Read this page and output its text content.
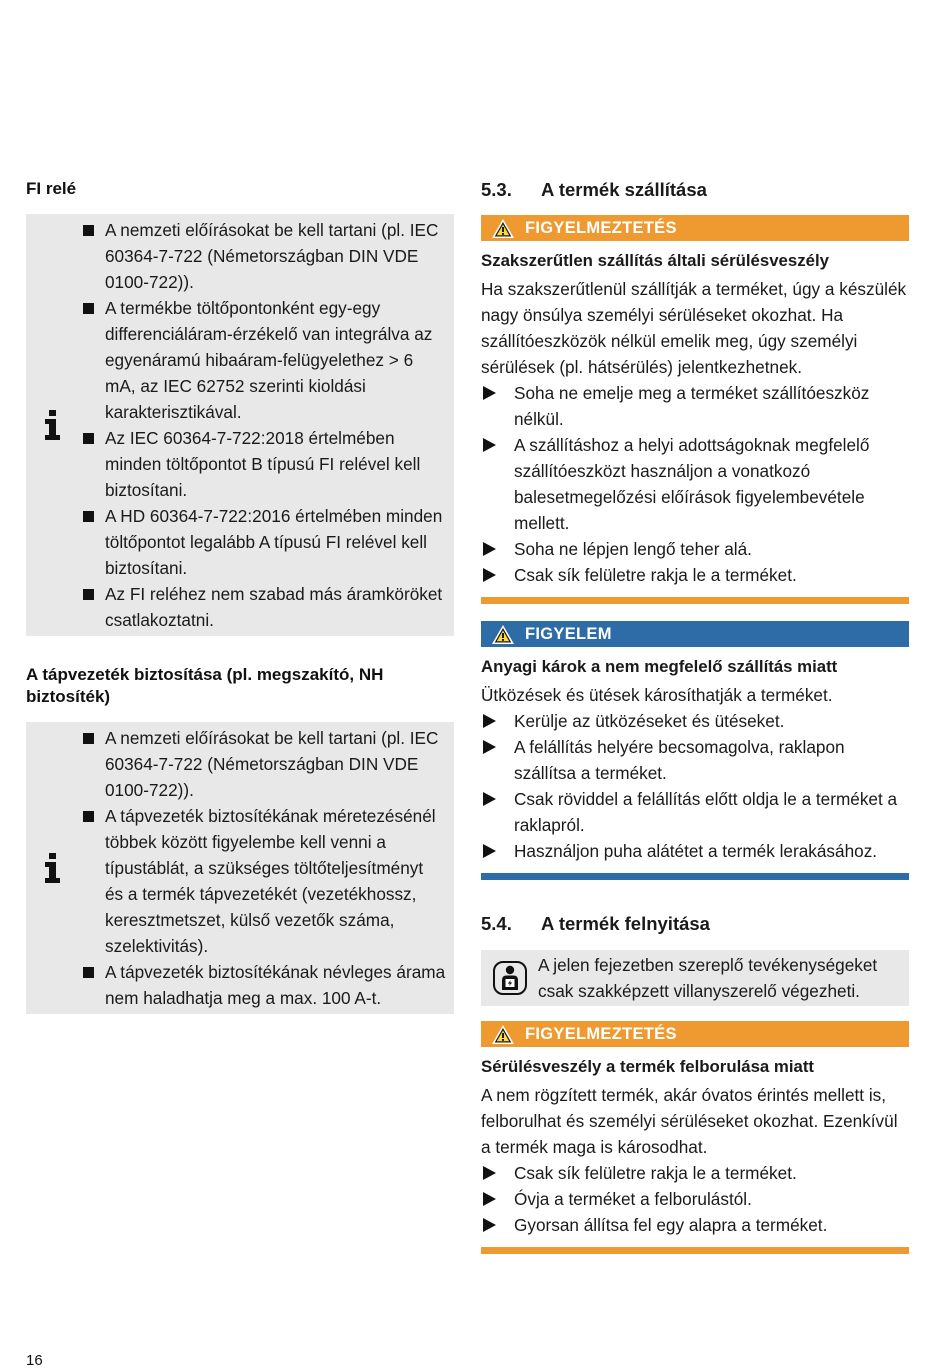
FI relé
A nemzeti előírásokat be kell tartani (pl. IEC 60364-7-722 (Németországban DIN VDE 0100-722)).
A termékbe töltőpontonként egy-egy differenciáláram-érzékelő van integrálva az egyenáramú hibaáram-felügyelethez > 6 mA, az IEC 62752 szerinti kioldási karakterisztikával.
Az IEC 60364-7-722:2018 értelmében minden töltőpontot B típusú FI relével kell biztosítani.
A HD 60364-7-722:2016 értelmében minden töltőpontot legalább A típusú FI relével kell biztosítani.
Az FI reléhez nem szabad más áramköröket csatlakoztatni.
A tápvezeték biztosítása (pl. megszakító, NH biztosíték)
A nemzeti előírásokat be kell tartani (pl. IEC 60364-7-722 (Németországban DIN VDE 0100-722)).
A tápvezeték biztosítékának méretezésénél többek között figyelembe kell venni a típustáblát, a szükséges töltőteljesítményt és a termék tápvezetékét (vezetékhossz, keresztmetszet, külső vezetők száma, szelektivitás).
A tápvezeték biztosítékának névleges árama nem haladhatja meg a max. 100 A-t.
5.3.	A termék szállítása
FIGYELMEZTETÉS
Szakszerűtlen szállítás általi sérülésveszély
Ha szakszerűtlenül szállítják a terméket, úgy a készülék nagy önsúlya személyi sérüléseket okozhat. Ha szállítóeszközök nélkül emelik meg, úgy személyi sérülések (pl. hátsérülés) jelentkezhetnek.
Soha ne emelje meg a terméket szállítóeszköz nélkül.
A szállításhoz a helyi adottságoknak megfelelő szállítóeszközt használjon a vonatkozó balesetmegelőzési előírások figyelembevétele mellett.
Soha ne lépjen lengő teher alá.
Csak sík felületre rakja le a terméket.
FIGYELEM
Anyagi károk a nem megfelelő szállítás miatt
Ütközések és ütések károsíthatják a terméket.
Kerülje az ütközéseket és ütéseket.
A felállítás helyére becsomagolva, raklapon szállítsa a terméket.
Csak röviddel a felállítás előtt oldja le a terméket a raklapról.
Használjon puha alátétet a termék lerakásához.
5.4.	A termék felnyitása
A jelen fejezetben szereplő tevékenységeket csak szakképzett villanyszerelő végezheti.
FIGYELMEZTETÉS
Sérülésveszély a termék felborulása miatt
A nem rögzített termék, akár óvatos érintés mellett is, felborulhat és személyi sérüléseket okozhat. Ezenkívül a termék maga is károsodhat.
Csak sík felületre rakja le a terméket.
Óvja a terméket a felborulástól.
Gyorsan állítsa fel egy alapra a terméket.
16
